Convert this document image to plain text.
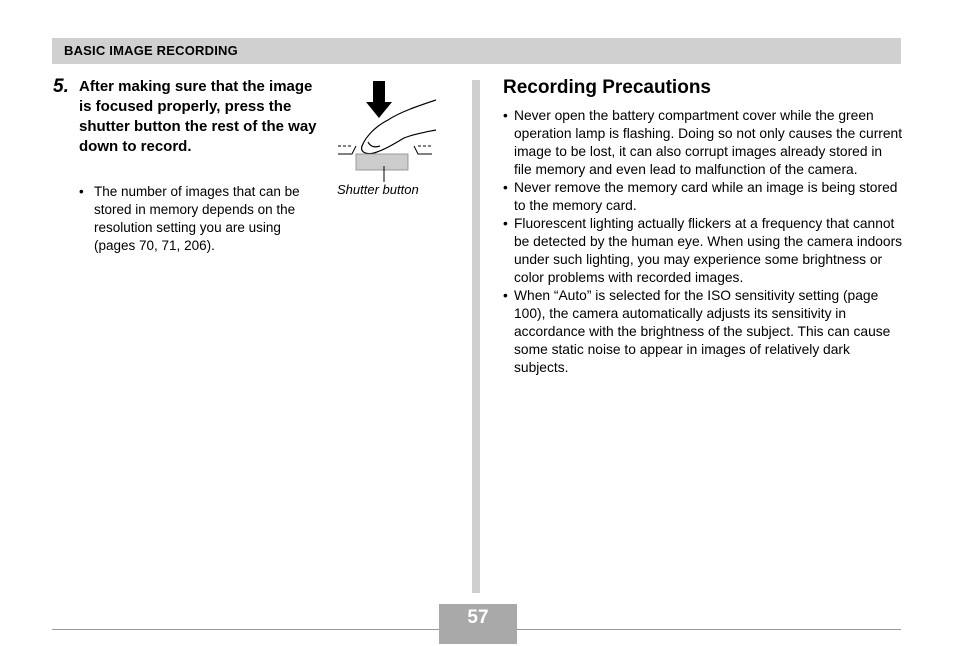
BASIC IMAGE RECORDING
5. After making sure that the image is focused properly, press the shutter button the rest of the way down to record.
• The number of images that can be stored in memory depends on the resolution setting you are using (pages 70, 71, 206).
Shutter button
Recording Precautions
• Never open the battery compartment cover while the green operation lamp is flashing. Doing so not only causes the current image to be lost, it can also corrupt images already stored in file memory and even lead to malfunction of the camera.
• Never remove the memory card while an image is being stored to the memory card.
• Fluorescent lighting actually flickers at a frequency that cannot be detected by the human eye. When using the camera indoors under such lighting, you may experience some brightness or color problems with recorded images.
• When “Auto” is selected for the ISO sensitivity setting (page 100), the camera automatically adjusts its sensitivity in accordance with the brightness of the subject. This can cause some static noise to appear in images of relatively dark subjects.
57
